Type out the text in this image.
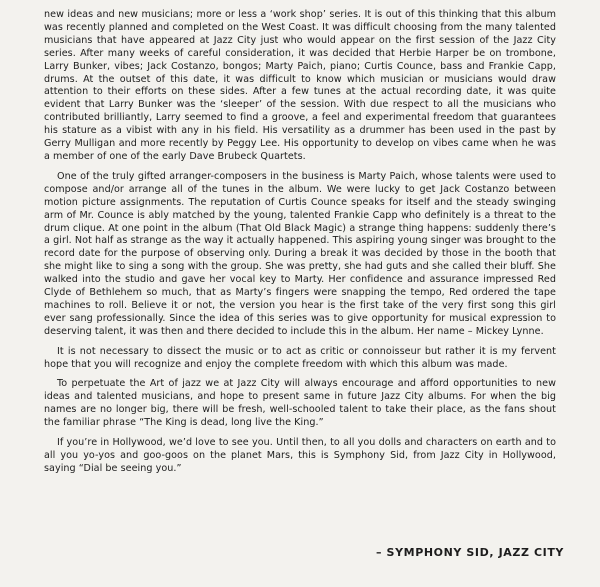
new ideas and new musicians; more or less a ‘work shop’ series. It is out of this thinking that this album was recently planned and completed on the West Coast. It was difficult choosing from the many talented musicians that have appeared at Jazz City just who would appear on the first session of the Jazz City series. After many weeks of careful consideration, it was decided that Herbie Harper be on trombone, Larry Bunker, vibes; Jack Costanzo, bongos; Marty Paich, piano; Curtis Counce, bass and Frankie Capp, drums. At the outset of this date, it was difficult to know which musician or musicians would draw attention to their efforts on these sides. After a few tunes at the actual recording date, it was quite evident that Larry Bunker was the ‘sleeper’ of the session. With due respect to all the musicians who contributed brilliantly, Larry seemed to find a groove, a feel and experimental freedom that guarantees his stature as a vibist with any in his field. His versatility as a drummer has been used in the past by Gerry Mulligan and more recently by Peggy Lee. His opportunity to develop on vibes came when he was a member of one of the early Dave Brubeck Quartets.

One of the truly gifted arranger-composers in the business is Marty Paich, whose talents were used to compose and/or arrange all of the tunes in the album. We were lucky to get Jack Costanzo between motion picture assignments. The reputation of Curtis Counce speaks for itself and the steady swinging arm of Mr. Counce is ably matched by the young, talented Frankie Capp who definitely is a threat to the drum clique. At one point in the album (That Old Black Magic) a strange thing happens: suddenly there’s a girl. Not half as strange as the way it actually happened. This aspiring young singer was brought to the record date for the purpose of observing only. During a break it was decided by those in the booth that she might like to sing a song with the group. She was pretty, she had guts and she called their bluff. She walked into the studio and gave her vocal key to Marty. Her confidence and assurance impressed Red Clyde of Bethlehem so much, that as Marty’s fingers were snapping the tempo, Red ordered the tape machines to roll. Believe it or not, the version you hear is the first take of the very first song this girl ever sang professionally. Since the idea of this series was to give opportunity for musical expression to deserving talent, it was then and there decided to include this in the album. Her name – Mickey Lynne.

It is not necessary to dissect the music or to act as critic or connoisseur but rather it is my fervent hope that you will recognize and enjoy the complete freedom with which this album was made.

To perpetuate the Art of jazz we at Jazz City will always encourage and afford opportunities to new ideas and talented musicians, and hope to present same in future Jazz City albums. For when the big names are no longer big, there will be fresh, well-schooled talent to take their place, as the fans shout the familiar phrase “The King is dead, long live the King.”

If you’re in Hollywood, we’d love to see you. Until then, to all you dolls and characters on earth and to all you yo-yos and goo-goos on the planet Mars, this is Symphony Sid, from Jazz City in Hollywood, saying “Dial be seeing you.”

– SYMPHONY SID, JAZZ CITY
